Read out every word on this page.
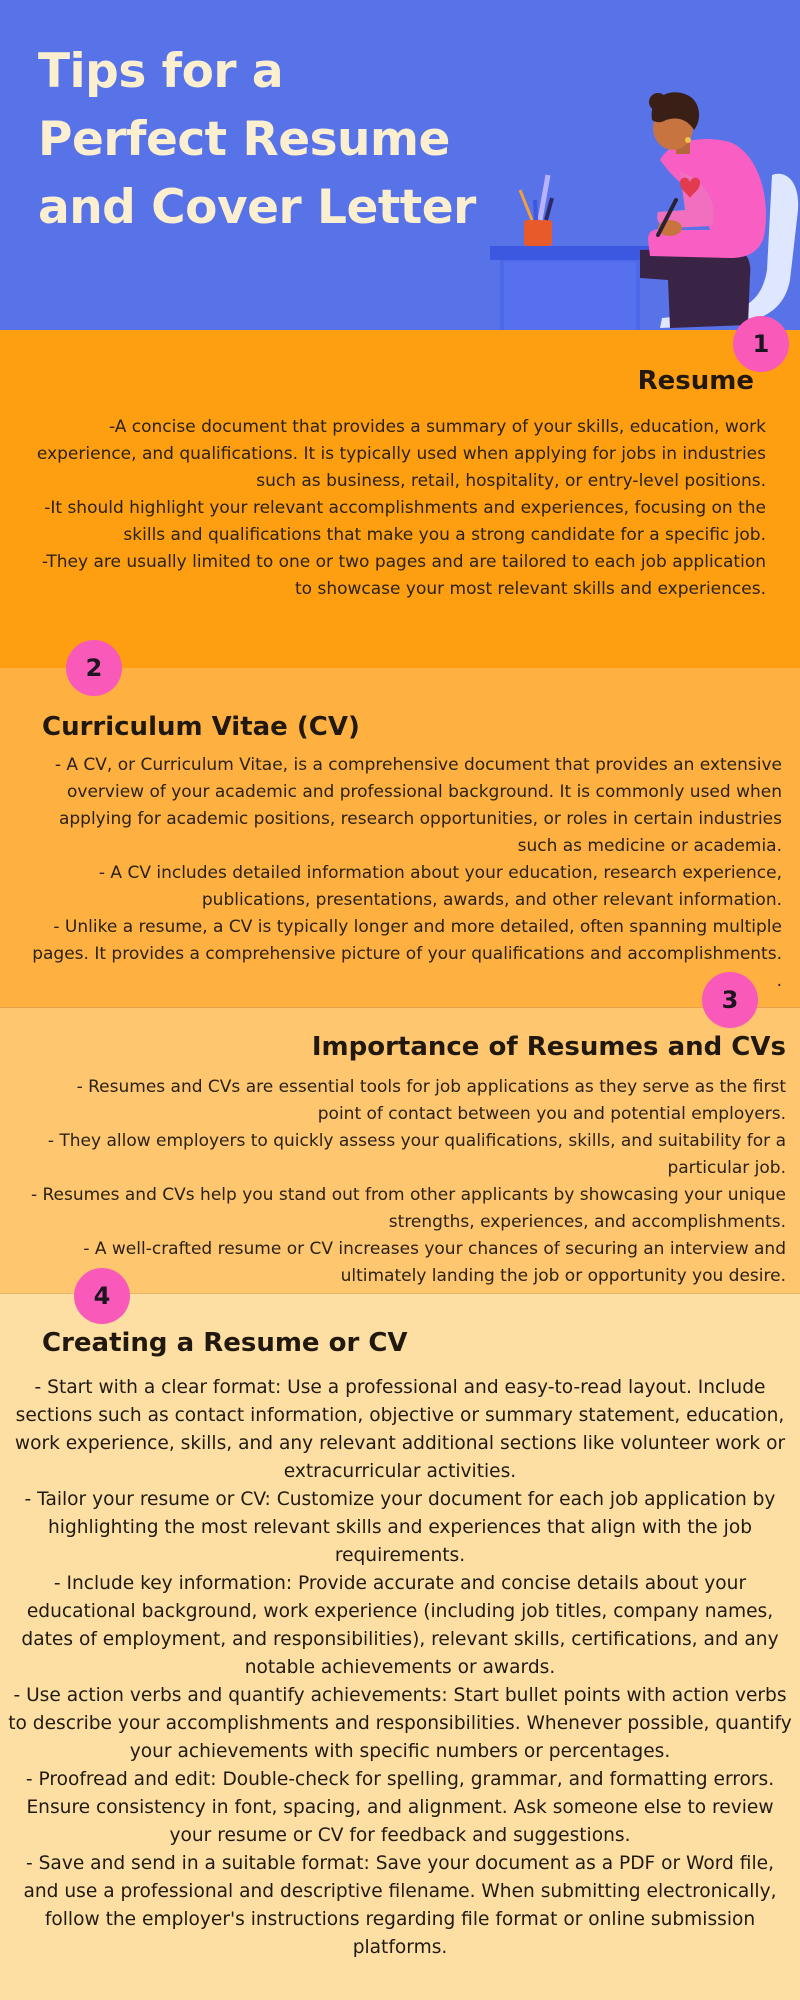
Tips for a Perfect Resume and Cover Letter
Resume

-A concise document that provides a summary of your skills, education, work experience, and qualifications. It is typically used when applying for jobs in industries such as business, retail, hospitality, or entry-level positions.

-It should highlight your relevant accomplishments and experiences, focusing on the skills and qualifications that make you a strong candidate for a specific job.

-They are usually limited to one or two pages and are tailored to each job application to showcase your most relevant skills and experiences.

1
Curriculum Vitae (CV)

- A CV, or Curriculum Vitae, is a comprehensive document that provides an extensive overview of your academic and professional background. It is commonly used when applying for academic positions, research opportunities, or roles in certain industries such as medicine or academia.

- A CV includes detailed information about your education, research experience, publications, presentations, awards, and other relevant information.

- Unlike a resume, a CV is typically longer and more detailed, often spanning multiple pages. It provides a comprehensive picture of your qualifications and accomplishments.

.

2
Importance of Resumes and CVs

- Resumes and CVs are essential tools for job applications as they serve as the first point of contact between you and potential employers.

- They allow employers to quickly assess your qualifications, skills, and suitability for a particular job.

- Resumes and CVs help you stand out from other applicants by showcasing your unique strengths, experiences, and accomplishments.

- A well-crafted resume or CV increases your chances of securing an interview and ultimately landing the job or opportunity you desire.

3
Creating a Resume or CV

- Start with a clear format: Use a professional and easy-to-read layout. Include sections such as contact information, objective or summary statement, education, work experience, skills, and any relevant additional sections like volunteer work or extracurricular activities.

- Tailor your resume or CV: Customize your document for each job application by highlighting the most relevant skills and experiences that align with the job requirements.

- Include key information: Provide accurate and concise details about your educational background, work experience (including job titles, company names, dates of employment, and responsibilities), relevant skills, certifications, and any notable achievements or awards.

- Use action verbs and quantify achievements: Start bullet points with action verbs to describe your accomplishments and responsibilities. Whenever possible, quantify your achievements with specific numbers or percentages.

- Proofread and edit: Double-check for spelling, grammar, and formatting errors. Ensure consistency in font, spacing, and alignment. Ask someone else to review your resume or CV for feedback and suggestions.

- Save and send in a suitable format: Save your document as a PDF or Word file, and use a professional and descriptive filename. When submitting electronically, follow the employer's instructions regarding file format or online submission platforms.

4
